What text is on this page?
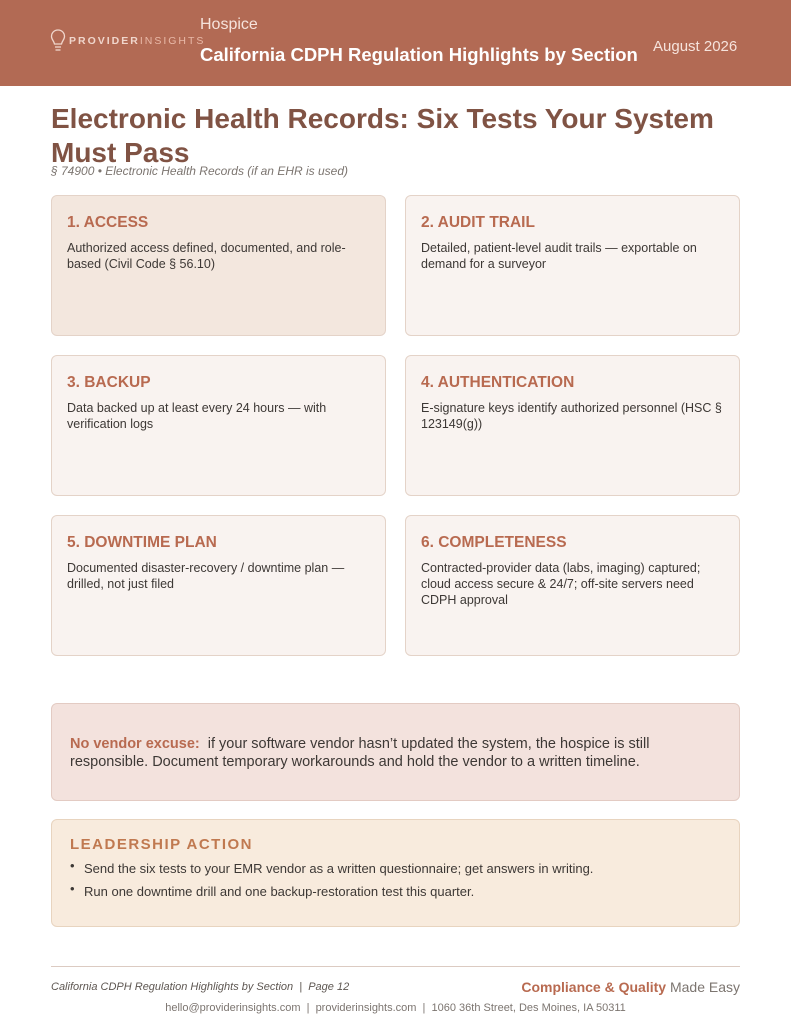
PROVIDERINSIGHTS
Hospice
California CDPH Regulation Highlights by Section August 2026
Electronic Health Records: Six Tests Your System Must Pass
§ 74900 • Electronic Health Records (if an EHR is used)
1. ACCESS
Authorized access defined, documented, and role-based (Civil Code § 56.10)
2. AUDIT TRAIL
Detailed, patient-level audit trails — exportable on demand for a surveyor
3. BACKUP
Data backed up at least every 24 hours — with verification logs
4. AUTHENTICATION
E-signature keys identify authorized personnel (HSC § 123149(g))
5. DOWNTIME PLAN
Documented disaster-recovery / downtime plan — drilled, not just filed
6. COMPLETENESS
Contracted-provider data (labs, imaging) captured; cloud access secure & 24/7; off-site servers need CDPH approval
No vendor excuse: if your software vendor hasn’t updated the system, the hospice is still responsible. Document temporary workarounds and hold the vendor to a written timeline.
LEADERSHIP ACTION
• Send the six tests to your EMR vendor as a written questionnaire; get answers in writing.
• Run one downtime drill and one backup-restoration test this quarter.
California CDPH Regulation Highlights by Section  |  Page 12	Compliance & Quality Made Easy
hello@providerinsights.com  |  providerinsights.com  |  1060 36th Street, Des Moines, IA 50311
